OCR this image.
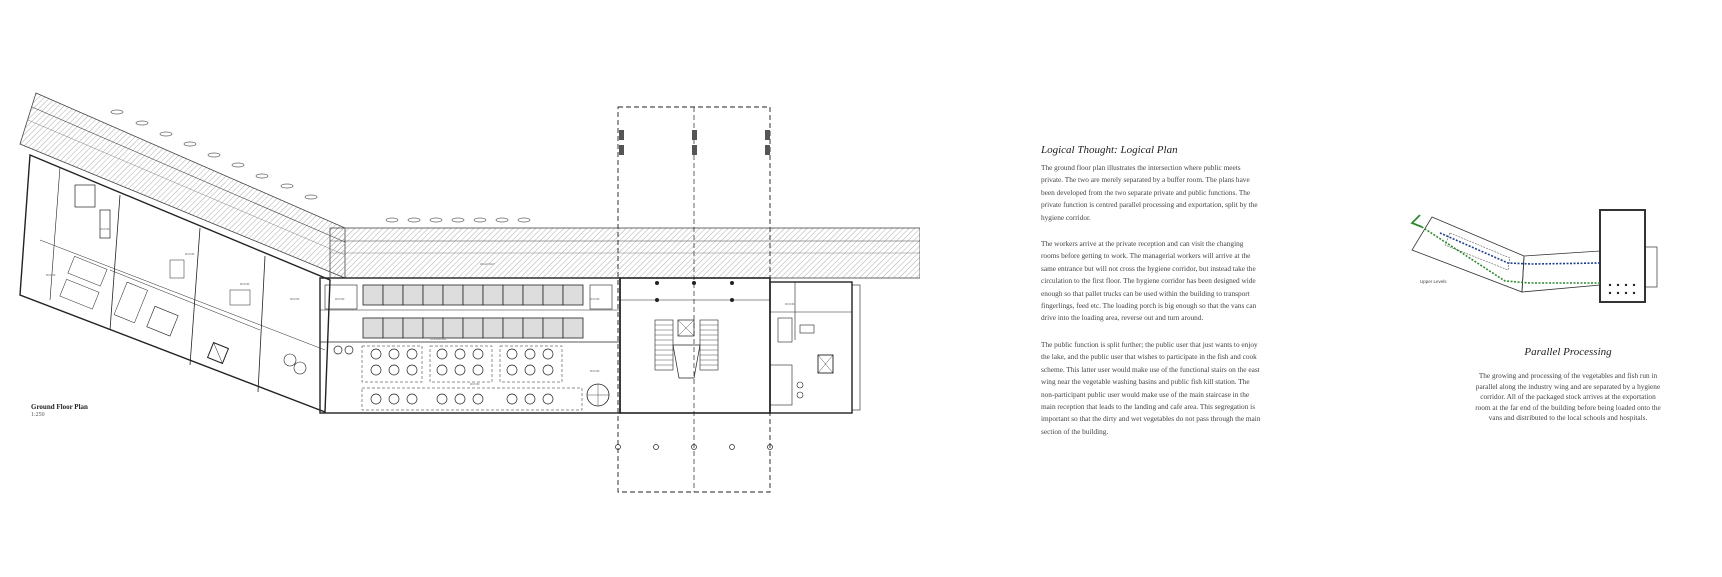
ROOM
ROOM
ROOM
ROOM
ROOM	ROOM	ROOM
ROOM
ROOM
CORRIDOR
ROOM
WALKWAY
Ground Floor Plan
1:250
Logical Thought: Logical Plan

The ground floor plan illustrates the intersection where public meets private. The two are merely separated by a buffer room. The plans have been developed from the two separate private and public functions. The private function is centred parallel processing and exportation, split by the hygiene corridor.

The workers arrive at the private reception and can visit the changing rooms before getting to work. The managerial workers will arrive at the same entrance but will not cross the hygiene corridor, but instead take the circulation to the first floor. The hygiene corridor has been designed wide enough so that pallet trucks can be used within the building to transport fingerlings, feed etc. The loading porch is big enough so that the vans can drive into the loading area, reverse out and turn around.

The public function is split further; the public user that just wants to enjoy the lake, and the public user that wishes to participate in the fish and cook scheme. This latter user would make use of the functional stairs on the east wing near the vegetable washing basins and public fish kill station. The non-participant public user would make use of the main staircase in the main reception that leads to the landing and cafe area. This segregation is important so that the dirty and wet vegetables do not pass through the main section of the building.

Upper Levels
Parallel Processing

The growing and processing of the vegetables and fish run in parallel along the industry wing and are separated by a hygiene corridor. All of the packaged stock arrives at the exportation room at the far end of the building before being loaded onto the vans and distributed to the local schools and hospitals.
